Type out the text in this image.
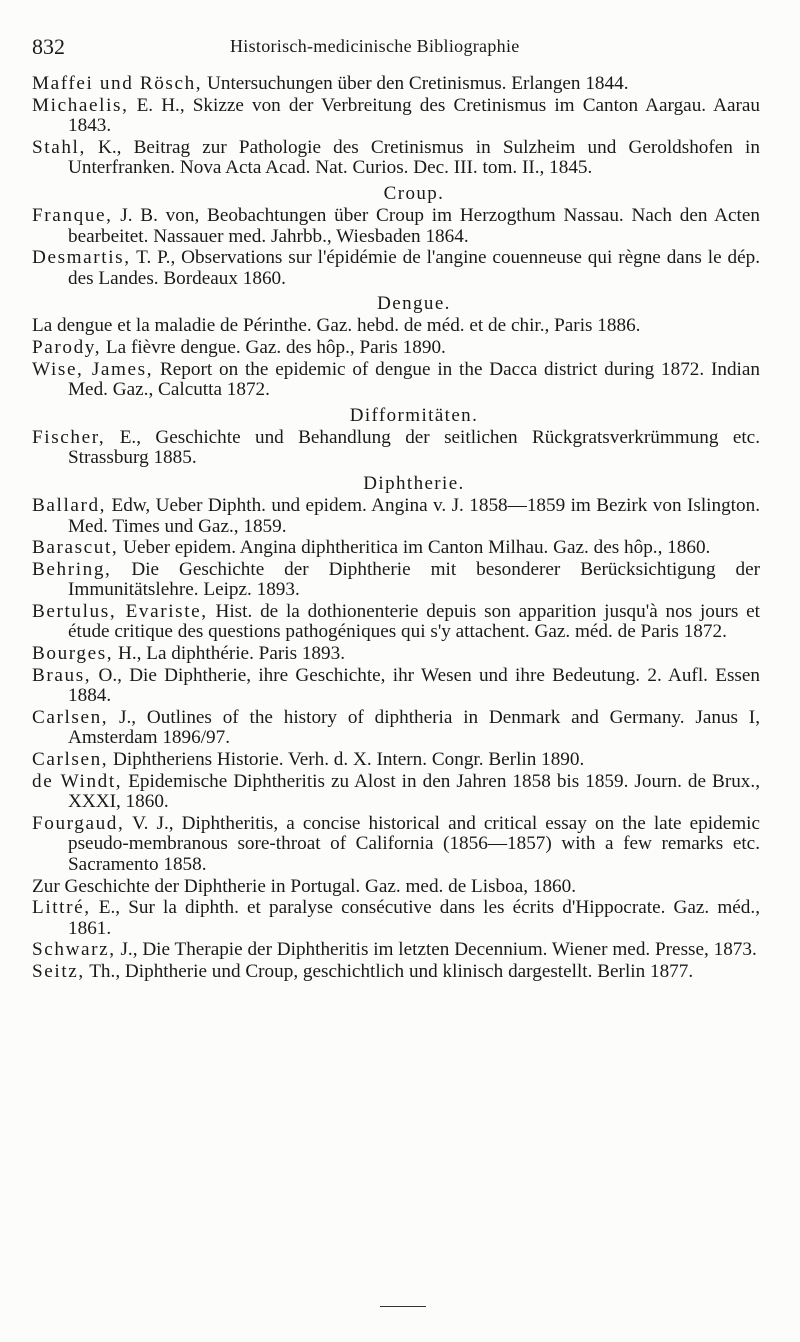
832	Historisch-medicinische Bibliographie

Maffei und Rösch, Untersuchungen über den Cretinismus. Erlangen 1844.

Michaelis, E. H., Skizze von der Verbreitung des Cretinismus im Canton Aargau. Aarau 1843.

Stahl, K., Beitrag zur Pathologie des Cretinismus in Sulzheim und Geroldshofen in Unterfranken. Nova Acta Acad. Nat. Curios. Dec. III. tom. II., 1845.

Croup.

Franque, J. B. von, Beobachtungen über Croup im Herzogthum Nassau. Nach den Acten bearbeitet. Nassauer med. Jahrbb., Wiesbaden 1864.

Desmartis, T. P., Observations sur l'épidémie de l'angine couenneuse qui règne dans le dép. des Landes. Bordeaux 1860.

Dengue.

La dengue et la maladie de Périnthe. Gaz. hebd. de méd. et de chir., Paris 1886.

Parody, La fièvre dengue. Gaz. des hôp., Paris 1890.

Wise, James, Report on the epidemic of dengue in the Dacca district during 1872. Indian Med. Gaz., Calcutta 1872.

Difformitäten.

Fischer, E., Geschichte und Behandlung der seitlichen Rückgratsverkrümmung etc. Strassburg 1885.

Diphtherie.

Ballard, Edw, Ueber Diphth. und epidem. Angina v. J. 1858—1859 im Bezirk von Islington. Med. Times und Gaz., 1859.

Barascut, Ueber epidem. Angina diphtheritica im Canton Milhau. Gaz. des hôp., 1860.

Behring, Die Geschichte der Diphtherie mit besonderer Berücksichtigung der Immunitätslehre. Leipz. 1893.

Bertulus, Evariste, Hist. de la dothionenterie depuis son apparition jusqu'à nos jours et étude critique des questions pathogéniques qui s'y attachent. Gaz. méd. de Paris 1872.

Bourges, H., La diphthérie. Paris 1893.

Braus, O., Die Diphtherie, ihre Geschichte, ihr Wesen und ihre Bedeutung. 2. Aufl. Essen 1884.

Carlsen, J., Outlines of the history of diphtheria in Denmark and Germany. Janus I, Amsterdam 1896/97.

Carlsen, Diphtheriens Historie. Verh. d. X. Intern. Congr. Berlin 1890.

de Windt, Epidemische Diphtheritis zu Alost in den Jahren 1858 bis 1859. Journ. de Brux., XXXI, 1860.

Fourgaud, V. J., Diphtheritis, a concise historical and critical essay on the late epidemic pseudo-membranous sore-throat of California (1856—1857) with a few remarks etc. Sacramento 1858.

Zur Geschichte der Diphtherie in Portugal. Gaz. med. de Lisboa, 1860.

Littré, E., Sur la diphth. et paralyse consécutive dans les écrits d'Hippocrate. Gaz. méd., 1861.

Schwarz, J., Die Therapie der Diphtheritis im letzten Decennium. Wiener med. Presse, 1873.

Seitz, Th., Diphtherie und Croup, geschichtlich und klinisch dargestellt. Berlin 1877.
